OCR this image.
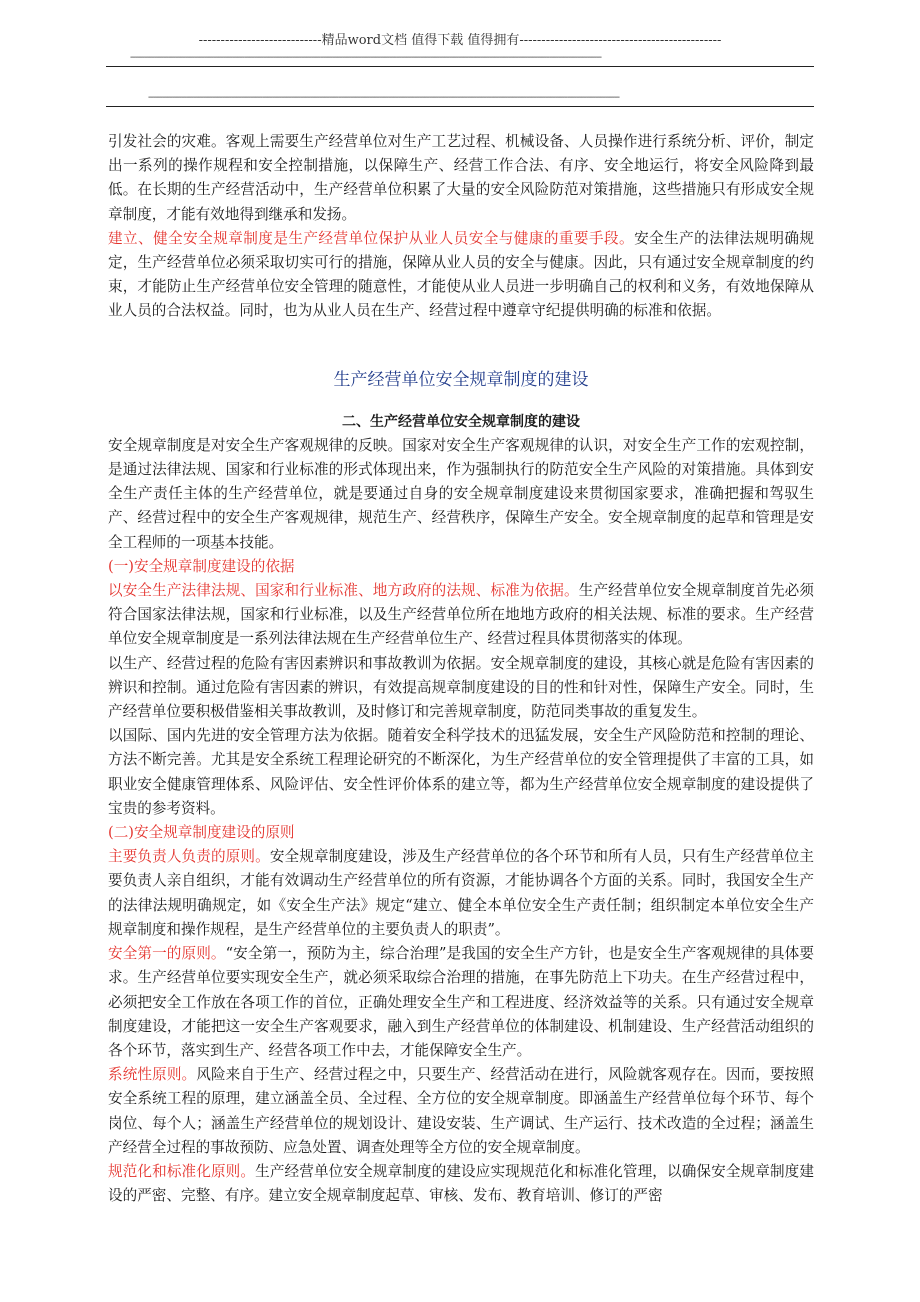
----------------------------精品word文档 值得下载 值得拥有----------------------------------------------
------------------------------------------------------------------------------------------------------------------------------------------------------------------------------------------------------
------------------------------------------------------------------------------------------------------------------------------------------------------------------------------------------------------

引发社会的灾难。客观上需要生产经营单位对生产工艺过程、机械设备、人员操作进行系统分析、评价，制定出一系列的操作规程和安全控制措施，以保障生产、经营工作合法、有序、安全地运行，将安全风险降到最低。在长期的生产经营活动中，生产经营单位积累了大量的安全风险防范对策措施，这些措施只有形成安全规章制度，才能有效地得到继承和发扬。

建立、健全安全规章制度是生产经营单位保护从业人员安全与健康的重要手段。安全生产的法律法规明确规定，生产经营单位必须采取切实可行的措施，保障从业人员的安全与健康。因此，只有通过安全规章制度的约束，才能防止生产经营单位安全管理的随意性，才能使从业人员进一步明确自己的权利和义务，有效地保障从业人员的合法权益。同时，也为从业人员在生产、经营过程中遵章守纪提供明确的标准和依据。

生产经营单位安全规章制度的建设

二、生产经营单位安全规章制度的建设

安全规章制度是对安全生产客观规律的反映。国家对安全生产客观规律的认识，对安全生产工作的宏观控制，是通过法律法规、国家和行业标准的形式体现出来，作为强制执行的防范安全生产风险的对策措施。具体到安全生产责任主体的生产经营单位，就是要通过自身的安全规章制度建设来贯彻国家要求，准确把握和驾驭生产、经营过程中的安全生产客观规律，规范生产、经营秩序，保障生产安全。安全规章制度的起草和管理是安全工程师的一项基本技能。

(一)安全规章制度建设的依据

以安全生产法律法规、国家和行业标准、地方政府的法规、标准为依据。生产经营单位安全规章制度首先必须符合国家法律法规，国家和行业标准，以及生产经营单位所在地地方政府的相关法规、标准的要求。生产经营单位安全规章制度是一系列法律法规在生产经营单位生产、经营过程具体贯彻落实的体现。

以生产、经营过程的危险有害因素辨识和事故教训为依据。安全规章制度的建设，其核心就是危险有害因素的辨识和控制。通过危险有害因素的辨识，有效提高规章制度建设的目的性和针对性，保障生产安全。同时，生产经营单位要积极借鉴相关事故教训，及时修订和完善规章制度，防范同类事故的重复发生。

以国际、国内先进的安全管理方法为依据。随着安全科学技术的迅猛发展，安全生产风险防范和控制的理论、方法不断完善。尤其是安全系统工程理论研究的不断深化，为生产经营单位的安全管理提供了丰富的工具，如职业安全健康管理体系、风险评估、安全性评价体系的建立等，都为生产经营单位安全规章制度的建设提供了宝贵的参考资料。

(二)安全规章制度建设的原则

主要负责人负责的原则。安全规章制度建设，涉及生产经营单位的各个环节和所有人员，只有生产经营单位主要负责人亲自组织，才能有效调动生产经营单位的所有资源，才能协调各个方面的关系。同时，我国安全生产的法律法规明确规定，如《安全生产法》规定“建立、健全本单位安全生产责任制；组织制定本单位安全生产规章制度和操作规程，是生产经营单位的主要负责人的职责”。

安全第一的原则。“安全第一，预防为主，综合治理”是我国的安全生产方针，也是安全生产客观规律的具体要求。生产经营单位要实现安全生产，就必须采取综合治理的措施，在事先防范上下功夫。在生产经营过程中，必须把安全工作放在各项工作的首位，正确处理安全生产和工程进度、经济效益等的关系。只有通过安全规章制度建设，才能把这一安全生产客观要求，融入到生产经营单位的体制建设、机制建设、生产经营活动组织的各个环节，落实到生产、经营各项工作中去，才能保障安全生产。

系统性原则。风险来自于生产、经营过程之中，只要生产、经营活动在进行，风险就客观存在。因而，要按照安全系统工程的原理，建立涵盖全员、全过程、全方位的安全规章制度。即涵盖生产经营单位每个环节、每个岗位、每个人；涵盖生产经营单位的规划设计、建设安装、生产调试、生产运行、技术改造的全过程；涵盖生产经营全过程的事故预防、应急处置、调查处理等全方位的安全规章制度。

规范化和标准化原则。生产经营单位安全规章制度的建设应实现规范化和标准化管理，以确保安全规章制度建设的严密、完整、有序。建立安全规章制度起草、审核、发布、教育培训、修订的严密
